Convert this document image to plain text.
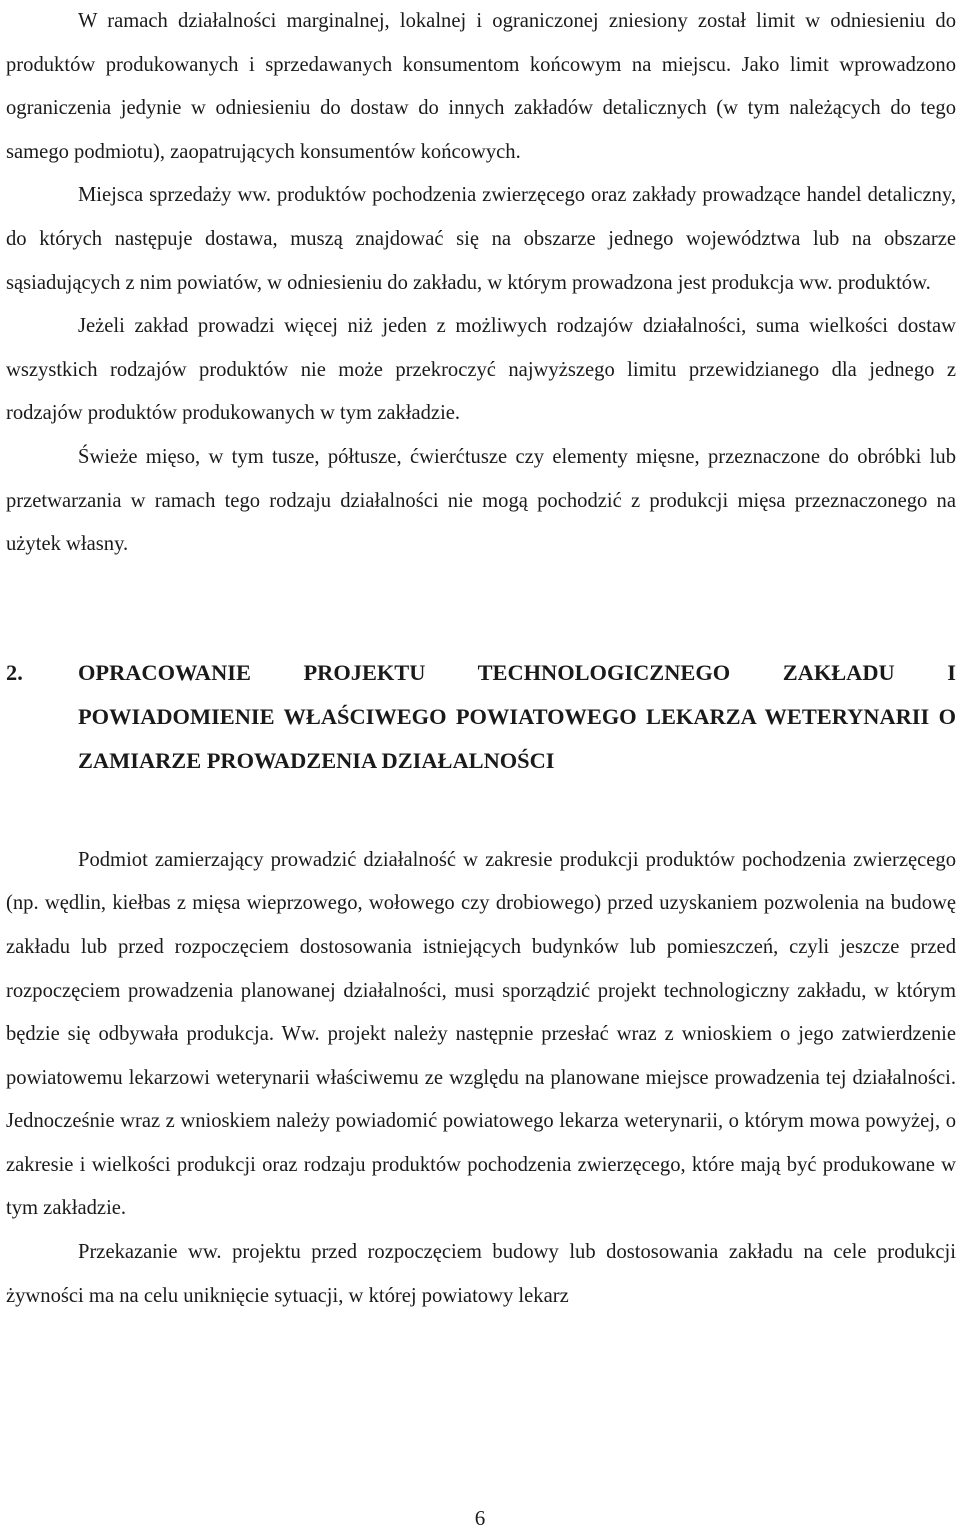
W ramach działalności marginalnej, lokalnej i ograniczonej zniesiony został limit w odniesieniu do produktów produkowanych i sprzedawanych konsumentom końcowym na miejscu. Jako limit wprowadzono ograniczenia jedynie w odniesieniu do dostaw do innych zakładów detalicznych (w tym należących do tego samego podmiotu), zaopatrujących konsumentów końcowych.

Miejsca sprzedaży ww. produktów pochodzenia zwierzęcego oraz zakłady prowadzące handel detaliczny, do których następuje dostawa, muszą znajdować się na obszarze jednego województwa lub na obszarze sąsiadujących z nim powiatów, w odniesieniu do zakładu, w którym prowadzona jest produkcja ww. produktów.

Jeżeli zakład prowadzi więcej niż jeden z możliwych rodzajów działalności, suma wielkości dostaw wszystkich rodzajów produktów nie może przekroczyć najwyższego limitu przewidzianego dla jednego z rodzajów produktów produkowanych w tym zakładzie.

Świeże mięso, w tym tusze, półtusze, ćwierćtusze czy elementy mięsne, przeznaczone do obróbki lub przetwarzania w ramach tego rodzaju działalności nie mogą pochodzić z produkcji mięsa przeznaczonego na użytek własny.

2. OPRACOWANIE PROJEKTU TECHNOLOGICZNEGO ZAKŁADU I POWIADOMIENIE WŁAŚCIWEGO POWIATOWEGO LEKARZA WETERYNARII O ZAMIARZE PROWADZENIA DZIAŁALNOŚCI

Podmiot zamierzający prowadzić działalność w zakresie produkcji produktów pochodzenia zwierzęcego (np. wędlin, kiełbas z mięsa wieprzowego, wołowego czy drobiowego) przed uzyskaniem pozwolenia na budowę zakładu lub przed rozpoczęciem dostosowania istniejących budynków lub pomieszczeń, czyli jeszcze przed rozpoczęciem prowadzenia planowanej działalności, musi sporządzić projekt technologiczny zakładu, w którym będzie się odbywała produkcja. Ww. projekt należy następnie przesłać wraz z wnioskiem o jego zatwierdzenie powiatowemu lekarzowi weterynarii właściwemu ze względu na planowane miejsce prowadzenia tej działalności. Jednocześnie wraz z wnioskiem należy powiadomić powiatowego lekarza weterynarii, o którym mowa powyżej, o zakresie i wielkości produkcji oraz rodzaju produktów pochodzenia zwierzęcego, które mają być produkowane w tym zakładzie.

Przekazanie ww. projektu przed rozpoczęciem budowy lub dostosowania zakładu na cele produkcji żywności ma na celu uniknięcie sytuacji, w której powiatowy lekarz

6
